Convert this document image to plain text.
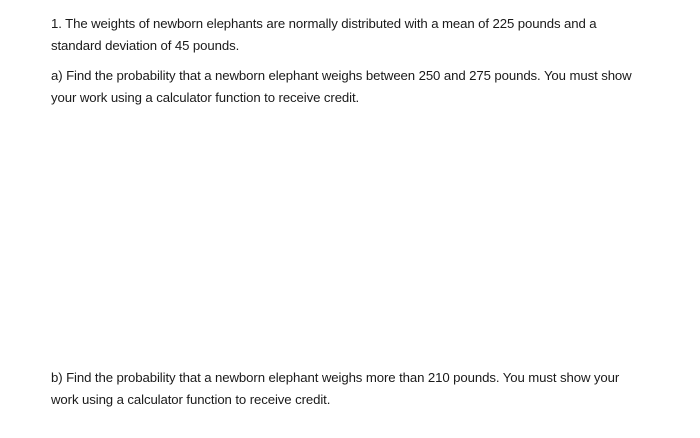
1. The weights of newborn elephants are normally distributed with a mean of 225 pounds and a
standard deviation of 45 pounds.
a) Find the probability that a newborn elephant weighs between 250 and 275 pounds. You must show
your work using a calculator function to receive credit.
b) Find the probability that a newborn elephant weighs more than 210 pounds. You must show your
work using a calculator function to receive credit.
